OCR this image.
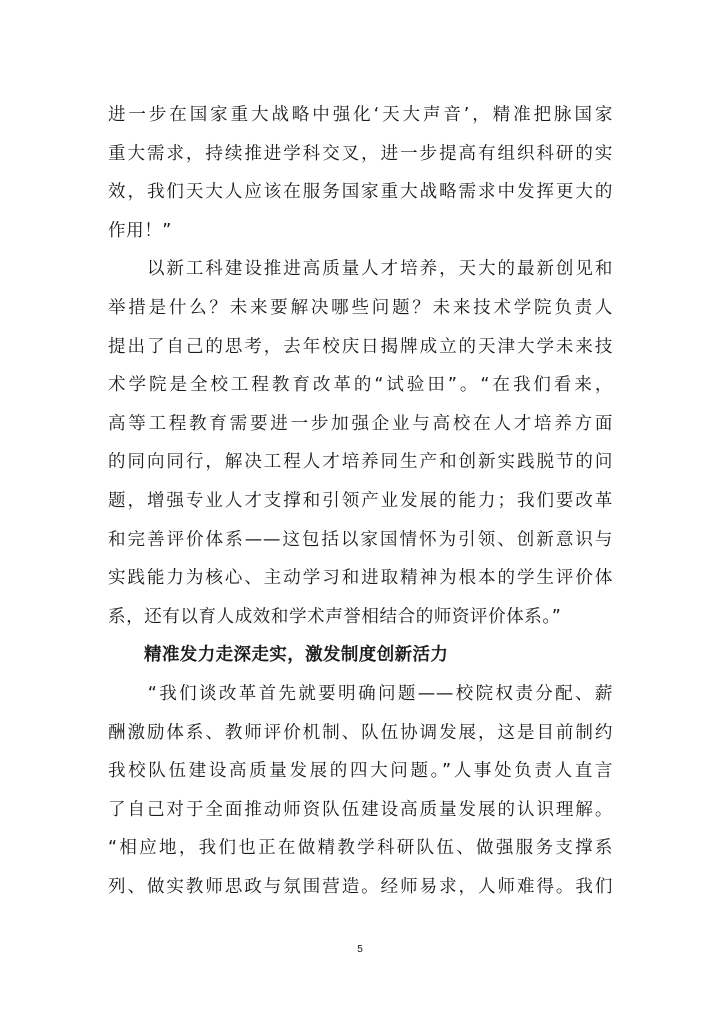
进一步在国家重大战略中强化‘天大声音’，精准把脉国家
重大需求，持续推进学科交叉，进一步提高有组织科研的实
效，我们天大人应该在服务国家重大战略需求中发挥更大的
作用！”
　　以新工科建设推进高质量人才培养，天大的最新创见和
举措是什么？未来要解决哪些问题？未来技术学院负责人
提出了自己的思考，去年校庆日揭牌成立的天津大学未来技
术学院是全校工程教育改革的“试验田”。“在我们看来，
高等工程教育需要进一步加强企业与高校在人才培养方面
的同向同行，解决工程人才培养同生产和创新实践脱节的问
题，增强专业人才支撑和引领产业发展的能力；我们要改革
和完善评价体系——这包括以家国情怀为引领、创新意识与
实践能力为核心、主动学习和进取精神为根本的学生评价体
系，还有以育人成效和学术声誉相结合的师资评价体系。”
精准发力走深走实，激发制度创新活力
　　“我们谈改革首先就要明确问题——校院权责分配、薪
酬激励体系、教师评价机制、队伍协调发展，这是目前制约
我校队伍建设高质量发展的四大问题。”人事处负责人直言
了自己对于全面推动师资队伍建设高质量发展的认识理解。
“相应地，我们也正在做精教学科研队伍、做强服务支撑系
列、做实教师思政与氛围营造。经师易求，人师难得。我们
5
